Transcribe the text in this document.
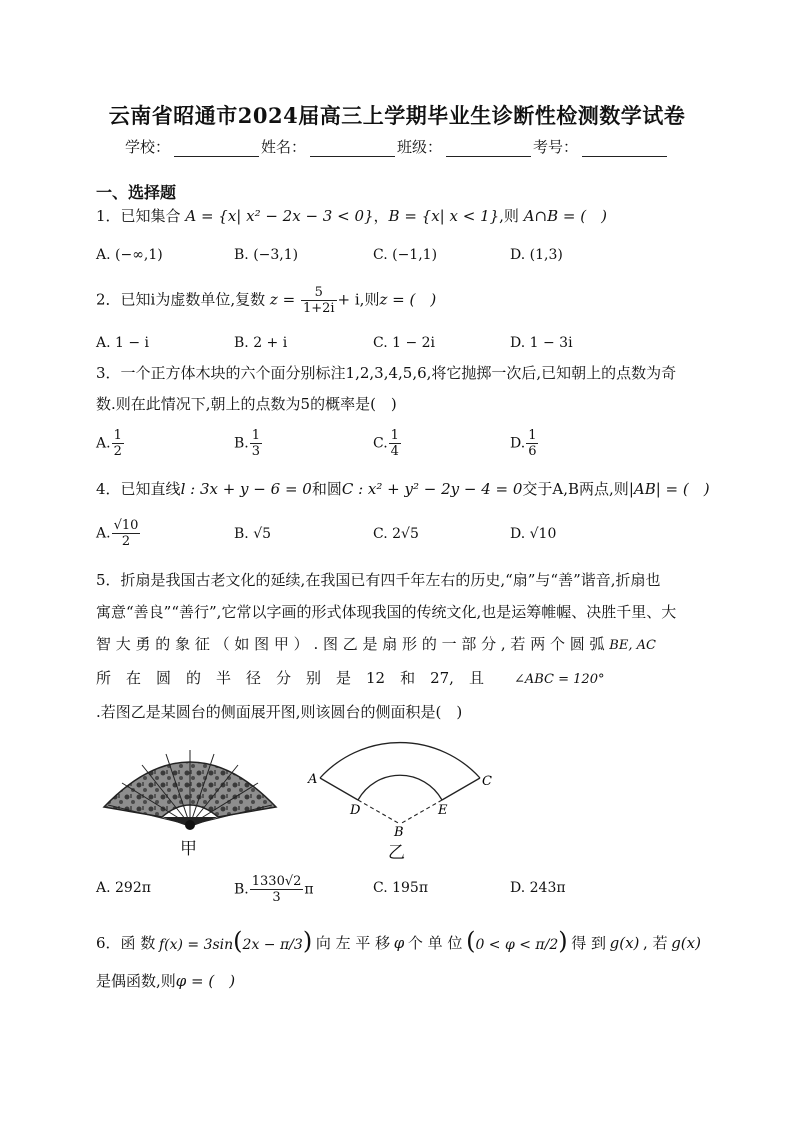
云南省昭通市2024届高三上学期毕业生诊断性检测数学试卷
学校：	姓名：	班级：	考号：
一、选择题
1．已知集合 A = {x| x² − 2x − 3 < 0}，B = {x| x < 1},则 A∩B = (　)
A. (−∞,1)	B. (−3,1)	C. (−1,1)	D. (1,3)
2．已知i为虚数单位,复数 $z = \frac{5}{1+2i} + i$,则z = (　)
A. 1 − i	B. 2 + i	C. 1 − 2i	D. 1 − 3i
3．一个正方体木块的六个面分别标注1,2,3,4,5,6,将它抛掷一次后,已知朝上的点数为奇
数.则在此情况下,朝上的点数为5的概率是(　)
A. $\frac{1}{2}$	B. $\frac{1}{3}$	C. $\frac{1}{4}$	D. $\frac{1}{6}$
4．已知直线l : 3x + y − 6 = 0和圆C : x² + y² − 2y − 4 = 0交于A,B两点,则|AB| = (　)
A. $\frac{√10}{2}$	B. √5	C. 2√5	D. √10
5．折扇是我国古老文化的延续,在我国已有四千年左右的历史,“扇”与“善”谐音,折扇也
寓意“善良”“善行”,它常以字画的形式体现我国的传统文化,也是运筹帷幄、决胜千里、大
智 大 勇 的 象 征 （ 如 图 甲 ） . 图 乙 是 扇 形 的 一 部 分 , 若 两 个 圆 弧 BE, AC
所　在　圆　的　半　径　分　别　是　12　和　27,　且　　 ∠ABC = 120°
.若图乙是某圆台的侧面展开图,则该圆台的侧面积是(　)
甲
A	C
D	E
B
乙
A. 292π	B. $\frac{1330√2}{3}$ π	C. 195π	D. 243π
6．函 数 f(x) = 3sin(2x − π/3) 向 左 平 移 φ 个 单 位 (0 < φ < π/2) 得 到 g(x) , 若 g(x)
是偶函数,则φ = (　)
